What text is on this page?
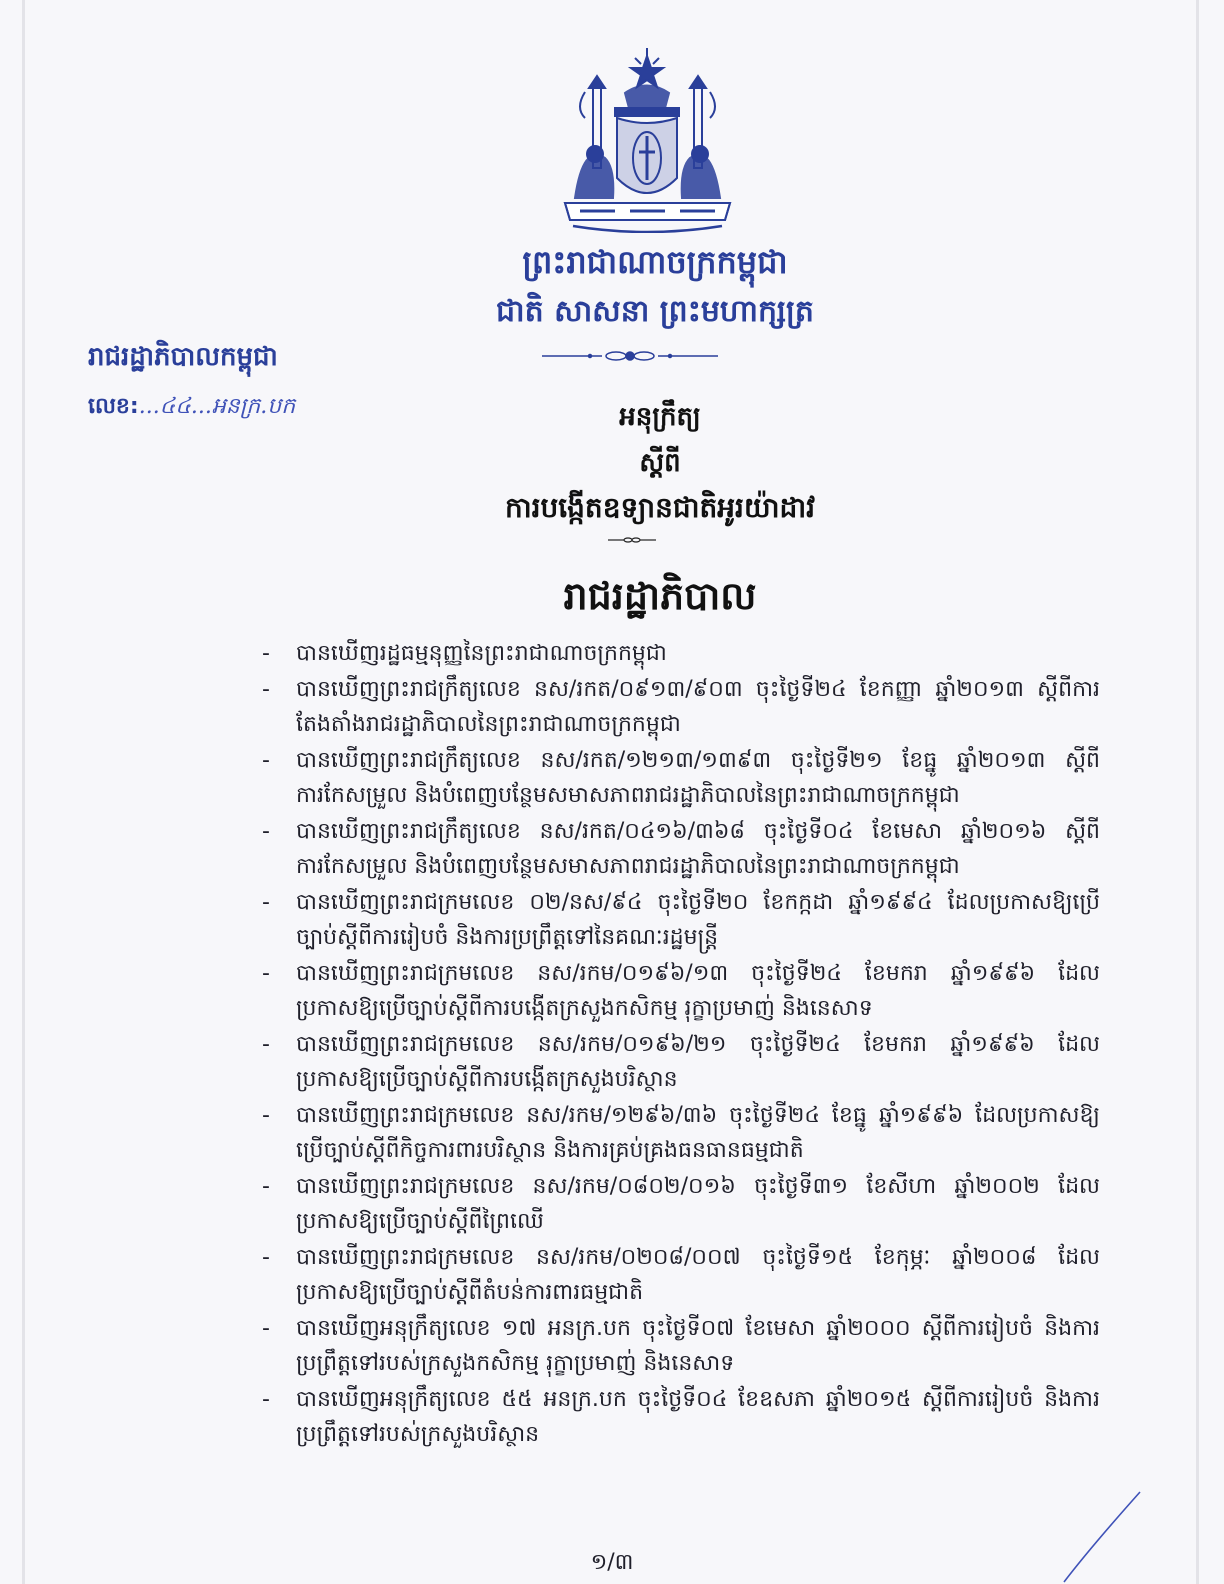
ព្រះរាជាណាចក្រកម្ពុជា
ជាតិ សាសនា ព្រះមហាក្សត្រ
រាជរដ្ឋាភិបាលកម្ពុជា
លេខ:...៤៤...អនក្រ.បក	អនុក្រឹត្យ
ស្តីពី
ការបង្កើតឧទ្យានជាតិអូរយ៉ាដាវ
រាជរដ្ឋាភិបាល
- បានឃើញរដ្ឋធម្មនុញ្ញនៃព្រះរាជាណាចក្រកម្ពុជា
- បានឃើញព្រះរាជក្រឹត្យលេខ នស/រកត/០៩១៣/៩០៣ ចុះថ្ងៃទី២៤ ខែកញ្ញា ឆ្នាំ២០១៣ ស្តីពីការតែងតាំងរាជរដ្ឋាភិបាលនៃព្រះរាជាណាចក្រកម្ពុជា
- បានឃើញព្រះរាជក្រឹត្យលេខ នស/រកត/១២១៣/១៣៩៣ ចុះថ្ងៃទី២១ ខែធ្នូ ឆ្នាំ២០១៣ ស្តីពីការកែសម្រួល និងបំពេញបន្ថែមសមាសភាពរាជរដ្ឋាភិបាលនៃព្រះរាជាណាចក្រកម្ពុជា
- បានឃើញព្រះរាជក្រឹត្យលេខ នស/រកត/០៤១៦/៣៦៨ ចុះថ្ងៃទី០៤ ខែមេសា ឆ្នាំ២០១៦ ស្តីពីការកែសម្រួល និងបំពេញបន្ថែមសមាសភាពរាជរដ្ឋាភិបាលនៃព្រះរាជាណាចក្រកម្ពុជា
- បានឃើញព្រះរាជក្រមលេខ ០២/នស/៩៤ ចុះថ្ងៃទី២០ ខែកក្កដា ឆ្នាំ១៩៩៤ ដែលប្រកាសឱ្យប្រើច្បាប់ស្តីពីការរៀបចំ និងការប្រព្រឹត្តទៅនៃគណៈរដ្ឋមន្ត្រី
- បានឃើញព្រះរាជក្រមលេខ នស/រកម/០១៩៦/១៣ ចុះថ្ងៃទី២៤ ខែមករា ឆ្នាំ១៩៩៦ ដែលប្រកាសឱ្យប្រើច្បាប់ស្តីពីការបង្កើតក្រសួងកសិកម្ម រុក្ខាប្រមាញ់ និងនេសាទ
- បានឃើញព្រះរាជក្រមលេខ នស/រកម/០១៩៦/២១ ចុះថ្ងៃទី២៤ ខែមករា ឆ្នាំ១៩៩៦ ដែលប្រកាសឱ្យប្រើច្បាប់ស្តីពីការបង្កើតក្រសួងបរិស្ថាន
- បានឃើញព្រះរាជក្រមលេខ នស/រកម/១២៩៦/៣៦ ចុះថ្ងៃទី២៤ ខែធ្នូ ឆ្នាំ១៩៩៦ ដែលប្រកាសឱ្យប្រើច្បាប់ស្តីពីកិច្ចការពារបរិស្ថាន និងការគ្រប់គ្រងធនធានធម្មជាតិ
- បានឃើញព្រះរាជក្រមលេខ នស/រកម/០៨០២/០១៦ ចុះថ្ងៃទី៣១ ខែសីហា ឆ្នាំ២០០២ ដែលប្រកាសឱ្យប្រើច្បាប់ស្តីពីព្រៃឈើ
- បានឃើញព្រះរាជក្រមលេខ នស/រកម/០២០៨/០០៧ ចុះថ្ងៃទី១៥ ខែកុម្ភៈ ឆ្នាំ២០០៨ ដែលប្រកាសឱ្យប្រើច្បាប់ស្តីពីតំបន់ការពារធម្មជាតិ
- បានឃើញអនុក្រឹត្យលេខ ១៧ អនក្រ.បក ចុះថ្ងៃទី០៧ ខែមេសា ឆ្នាំ២០០០ ស្តីពីការរៀបចំ និងការប្រព្រឹត្តទៅរបស់ក្រសួងកសិកម្ម រុក្ខាប្រមាញ់ និងនេសាទ
- បានឃើញអនុក្រឹត្យលេខ ៥៥ អនក្រ.បក ចុះថ្ងៃទី០៤ ខែឧសភា ឆ្នាំ២០១៥ ស្តីពីការរៀបចំ និងការប្រព្រឹត្តទៅរបស់ក្រសួងបរិស្ថាន
១/៣
